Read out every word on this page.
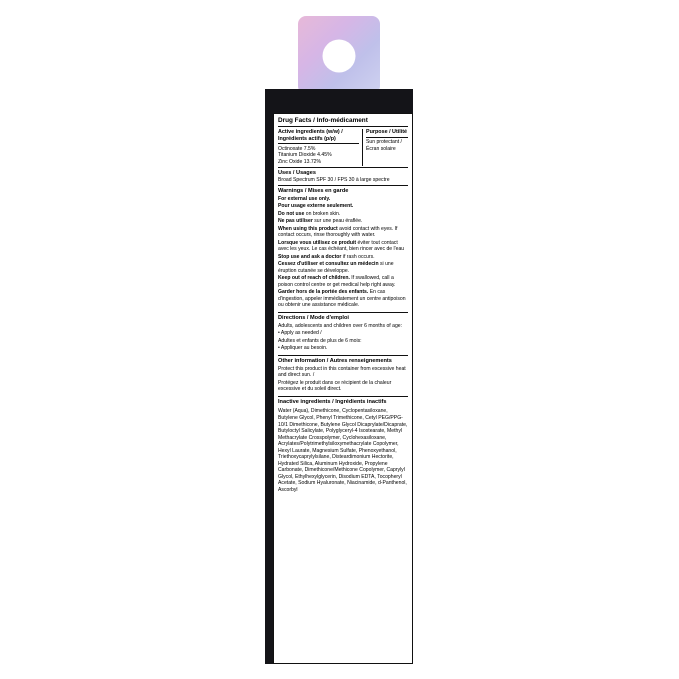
Drug Facts / Info-médicament
Active ingredients (w/w) / Ingrédients actifs (p/p)
Octinoxate 7.5%
Titanium Dioxide 4.45%
Zinc Oxide 13.72%
Purpose / Utilité
Sun protectant / Écran solaire
Uses / Usages
Broad Spectrum SPF 30 / FPS 30 à large spectre
Warnings / Mises en garde

For external use only.

Pour usage externe seulement.

Do not use on broken skin.

Ne pas utiliser sur une peau éraflée.

When using this product avoid contact with eyes. If contact occurs, rinse thoroughly with water.

Lorsque vous utilisez ce produit éviter tout contact avec les yeux. Le cas échéant, bien rincer avec de l'eau

Stop use and ask a doctor if rash occurs.

Cessez d'utiliser et consultez un médecin si une éruption cutanée se développe.

Keep out of reach of children. If swallowed, call a poison control centre or get medical help right away.

Garder hors de la portée des enfants. En cas d'ingestion, appeler immédiatement un centre antipoison ou obtenir une assistance médicale.

Directions / Mode d'emploi

Adults, adolescents and children over 6 months of age:

• Apply as needed /

Adultes et enfants de plus de 6 mois:

• Appliquer au besoin.

Other information / Autres renseignements

Protect this product in this container from excessive heat and direct sun. /

Protégez le produit dans ce récipient de la chaleur excessive et du soleil direct.

Inactive ingredients / Ingrédients inactifs

Water (Aqua), Dimethicone, Cyclopentasiloxane, Butylene Glycol, Phenyl Trimethicone, Cetyl PEG/PPG-10/1 Dimethicone, Butylene Glycol Dicaprylate/Dicaprate, Butyloctyl Salicylate, Polyglyceryl-4 Isostearate, Methyl Methacrylate Crosspolymer, Cyclohexasiloxane, Acrylates/Polytrimethylsiloxymethacrylate Copolymer, Hexyl Laurate, Magnesium Sulfate, Phenoxyethanol, Triethoxycaprylylsilane, Disteardimonium Hectorite, Hydrated Silica, Aluminum Hydroxide, Propylene Carbonate, Dimethicone/Methicone Copolymer, Caprylyl Glycol, Ethylhexylglycerin, Disodium EDTA, Tocopheryl Acetate, Sodium Hyaluronate, Niacinamide, d-Panthenol, Ascorbyl
